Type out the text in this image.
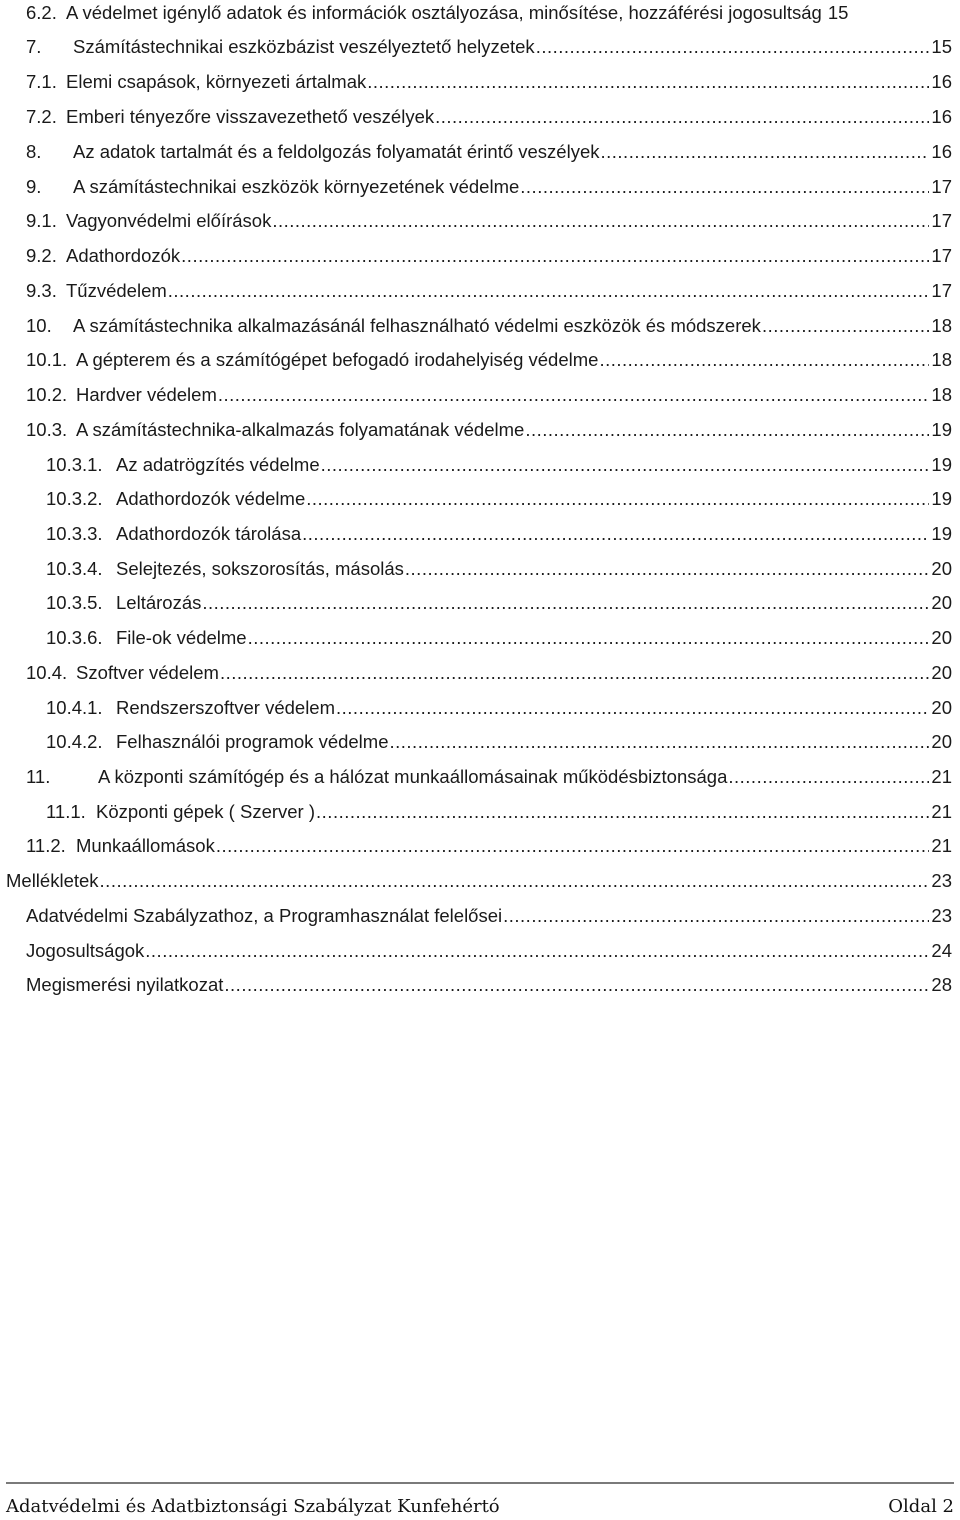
6.2. A védelmet igénylő adatok és információk osztályozása, minősítése, hozzáférési jogosultság 15
7. Számítástechnikai eszközbázist veszélyeztető helyzetek .....	15
7.1. Elemi csapások, környezeti ártalmak .....	16
7.2. Emberi tényezőre visszavezethető veszélyek .....	16
8. Az adatok tartalmát és a feldolgozás folyamatát érintő veszélyek .....	16
9. A számítástechnikai eszközök környezetének védelme .....	17
9.1. Vagyonvédelmi előírások .....	17
9.2. Adathordozók .....	17
9.3. Tűzvédelem .....	17
10. A számítástechnika alkalmazásánál felhasználható védelmi eszközök és módszerek .....	18
10.1. A gépterem és a számítógépet befogadó irodahelyiség védelme .....	18
10.2. Hardver védelem .....	18
10.3. A számítástechnika-alkalmazás folyamatának védelme .....	19
10.3.1. Az adatrögzítés védelme .....	19
10.3.2. Adathordozók védelme .....	19
10.3.3. Adathordozók tárolása .....	19
10.3.4. Selejtezés, sokszorosítás, másolás .....	20
10.3.5. Leltározás .....	20
10.3.6. File-ok védelme .....	20
10.4. Szoftver védelem .....	20
10.4.1. Rendszerszoftver védelem .....	20
10.4.2. Felhasználói programok védelme .....	20
11.	A központi számítógép és a hálózat munkaállomásainak működésbiztonsága .....	21
11.1. Központi gépek ( Szerver ) .....	21
11.2. Munkaállomások .....	21
Mellékletek .....	23
Adatvédelmi Szabályzathoz, a Programhasználat felelősei .....	23
Jogosultságok .....	24
Megismerési nyilatkozat .....	28
Adatvédelmi és Adatbiztonsági Szabályzat Kunfehértó	Oldal 2
